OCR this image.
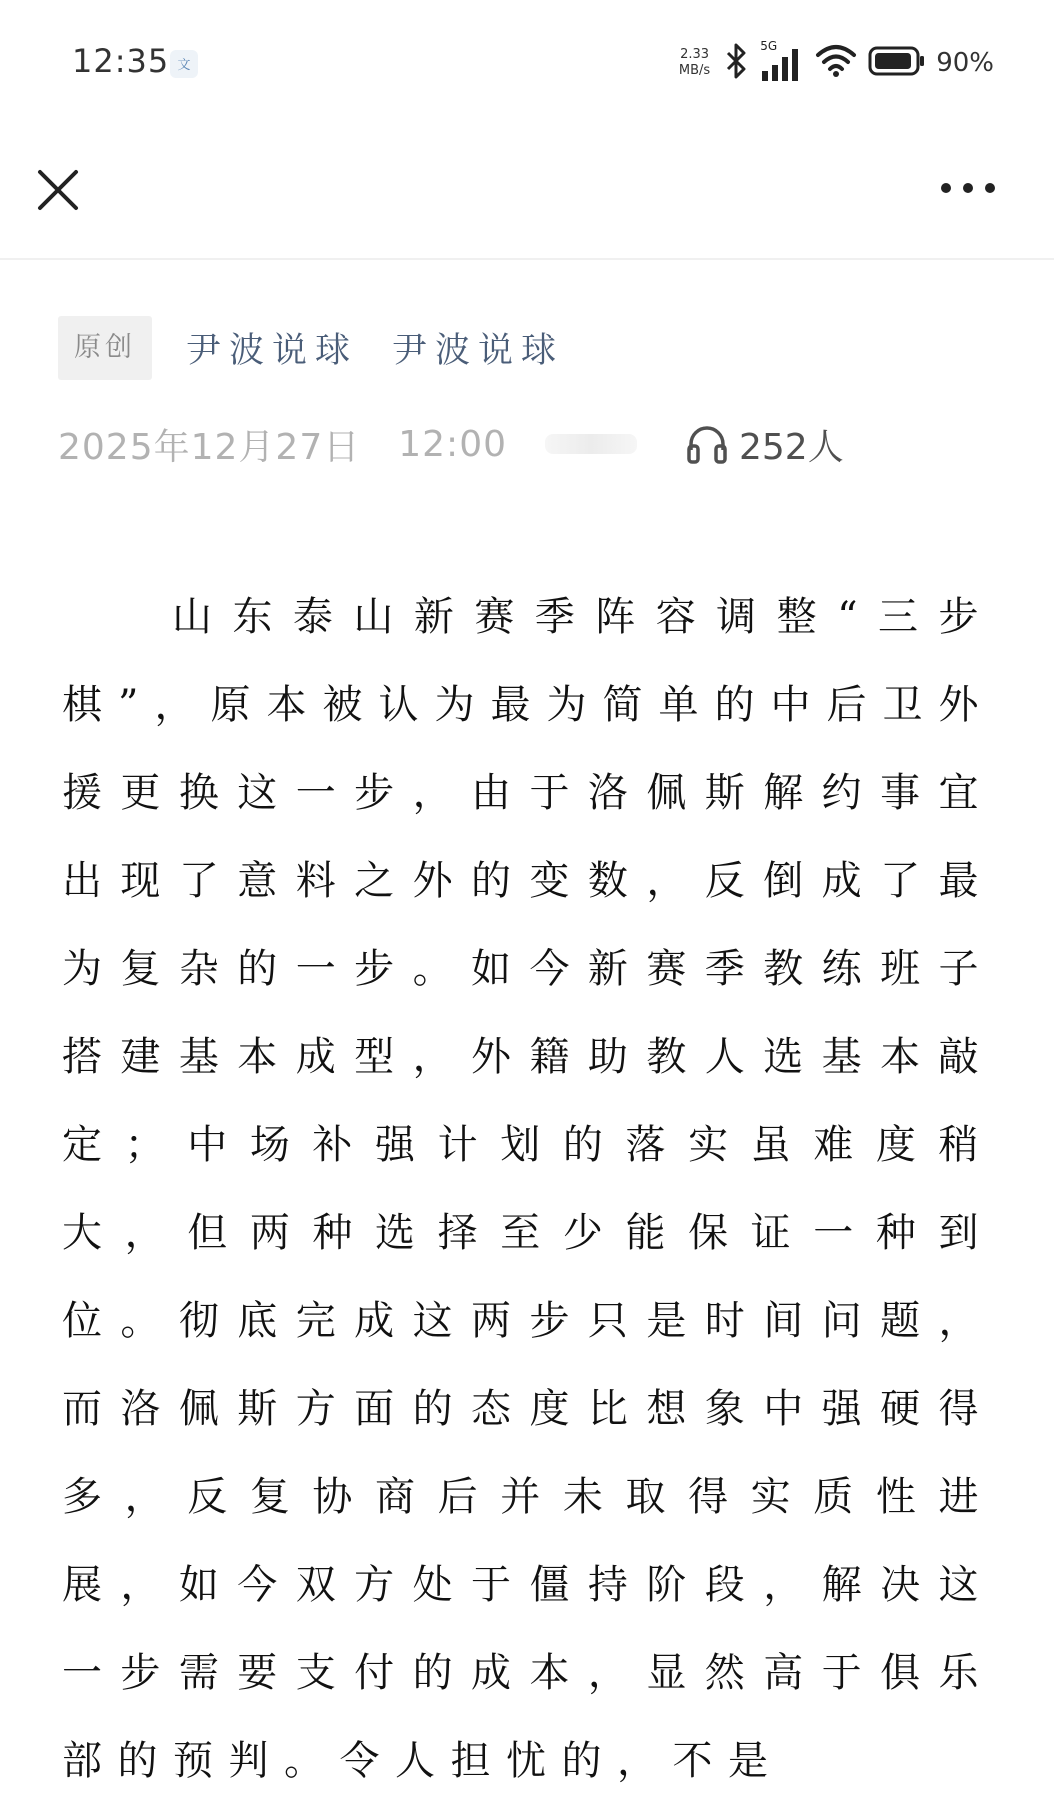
12:35 文
2.33
MB/s
5G
90%
原创	尹波说球 尹波说球
2025年12月27日 12:00	252人

山东泰山新赛季阵容调整“三步棋”，原本被认为最为简单的中后卫外援更换这一步，由于洛佩斯解约事宜出现了意料之外的变数，反倒成了最为复杂的一步。如今新赛季教练班子搭建基本成型，外籍助教人选基本敲定；中场补强计划的落实虽难度稍大，但两种选择至少能保证一种到位。彻底完成这两步只是时间问题，而洛佩斯方面的态度比想象中强硬得多，反复协商后并未取得实质性进展，如今双方处于僵持阶段，解决这一步需要支付的成本，显然高于俱乐部的预判。令人担忧的，不是
